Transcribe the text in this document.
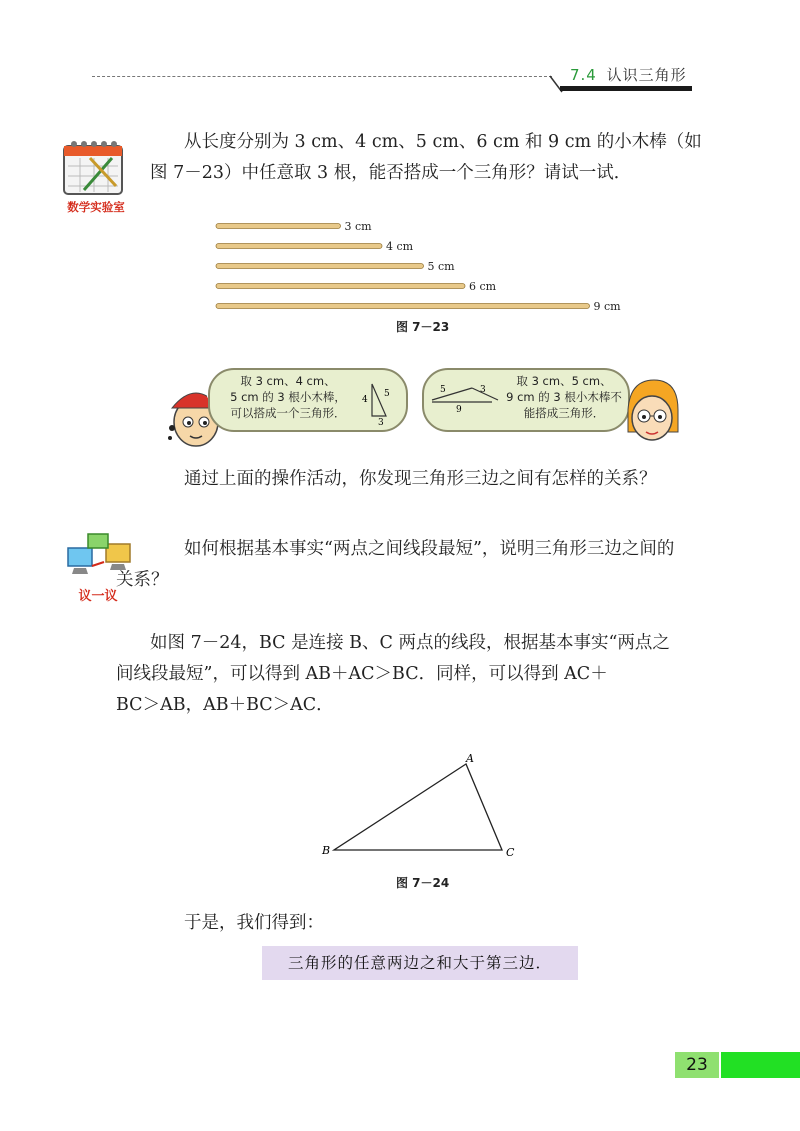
7.4 认识三角形
数学实验室
从长度分别为 3 cm、4 cm、5 cm、6 cm 和 9 cm 的小木棒（如
图 7－23）中任意取 3 根，能否搭成一个三角形？请试一试．
3 cm
4 cm
5 cm
6 cm
9 cm
图 7－23
取 3 cm、4 cm、
5 cm 的 3 根小木棒，
可以搭成一个三角形．
4
5
3
5	3
9
取 3 cm、5 cm、
9 cm 的 3 根小木棒不
能搭成三角形．
通过上面的操作活动，你发现三角形三边之间有怎样的关系？
议一议
如何根据基本事实“两点之间线段最短”，说明三角形三边之间的
关系？
如图 7－24，BC 是连接 B、C 两点的线段，根据基本事实“两点之
间线段最短”，可以得到 AB＋AC＞BC．同样，可以得到 AC＋
BC＞AB，AB＋BC＞AC．
A
B	C
图 7－24
于是，我们得到：
三角形的任意两边之和大于第三边．
23
